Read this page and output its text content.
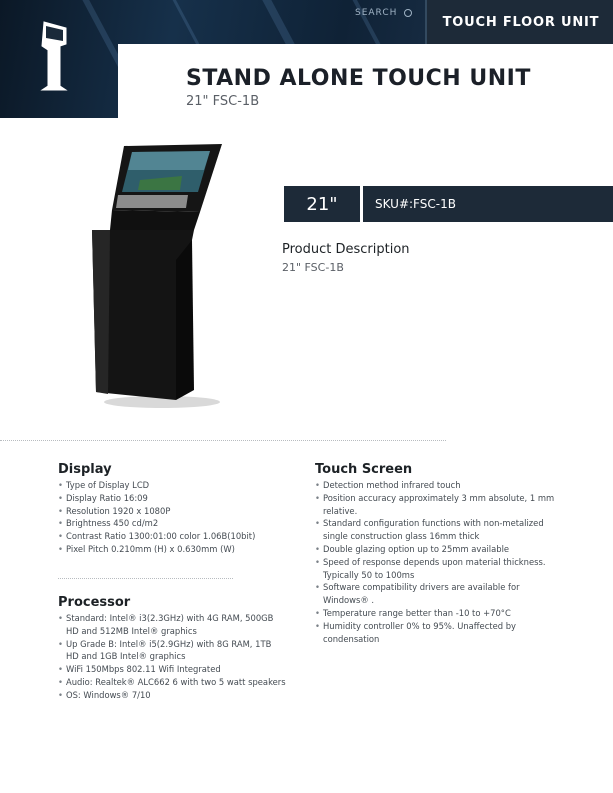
SEARCH
TOUCH FLOOR UNIT
STAND ALONE TOUCH UNIT
21" FSC-1B
21"	SKU#:FSC-1B
Product Description
21" FSC-1B
Display
• Type of Display LCD
• Display Ratio 16:09
• Resolution 1920 x 1080P
• Brightness 450 cd/m2
• Contrast Ratio 1300:01:00 color 1.06B(10bit)
• Pixel Pitch 0.210mm (H) x 0.630mm (W)
Processor
• Standard: Intel® i3(2.3GHz) with 4G RAM, 500GB HD and 512MB Intel® graphics
• Up Grade B: Intel® i5(2.9GHz) with 8G RAM, 1TB HD and 1GB Intel® graphics
• WiFi 150Mbps 802.11 Wifi Integrated
• Audio: Realtek® ALC662 6 with two 5 watt speakers
• OS: Windows® 7/10
Touch Screen
• Detection method infrared touch
• Position accuracy approximately 3 mm absolute, 1 mm relative.
• Standard configuration functions with non-metalized single construction glass 16mm thick
• Double glazing option up to 25mm available
• Speed of response depends upon material thickness. Typically 50 to 100ms
• Software compatibility drivers are available for Windows® .
• Temperature range better than -10 to +70°C
• Humidity controller 0% to 95%. Unaffected by condensation
